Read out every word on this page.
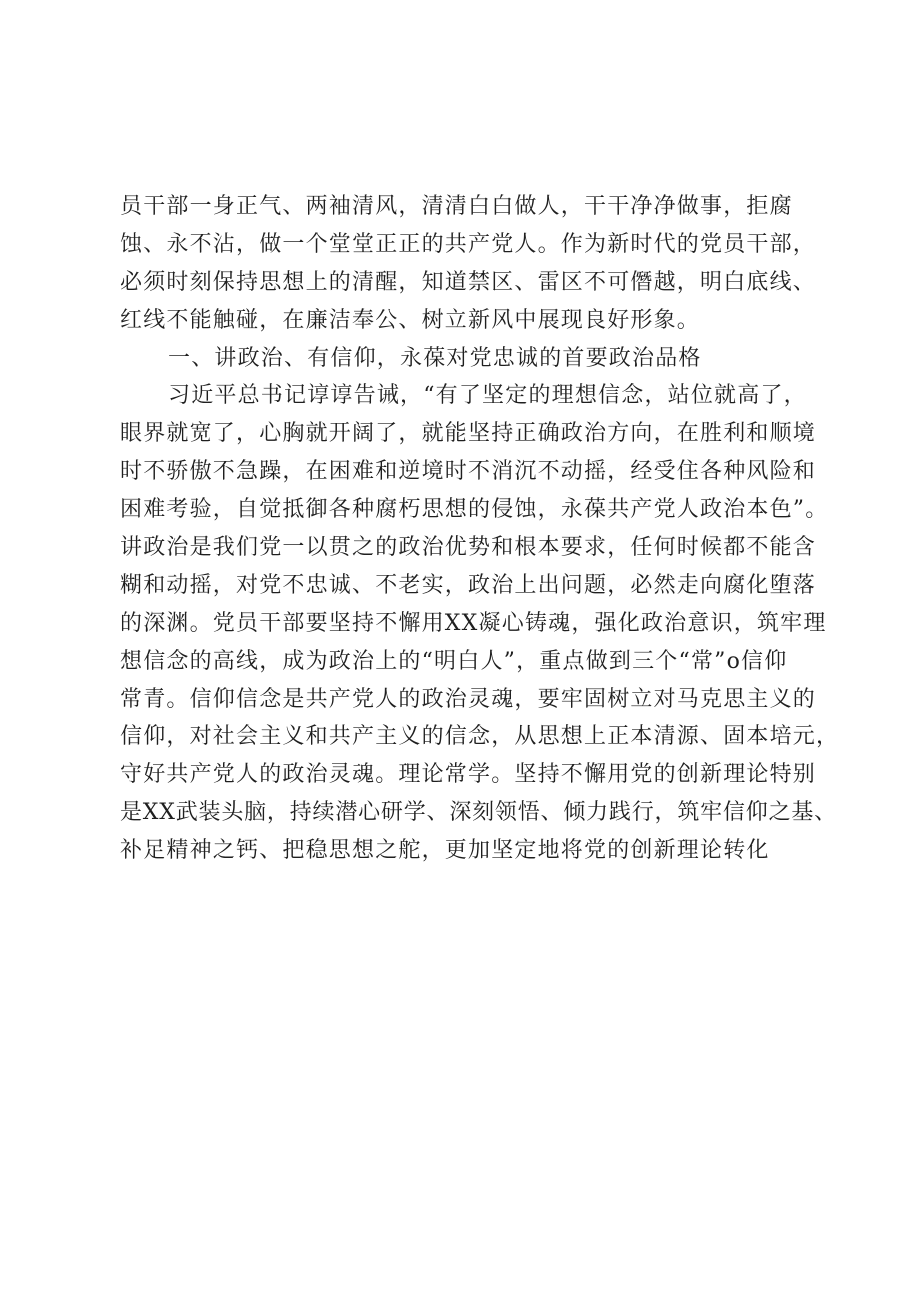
员干部一身正气、两袖清风，清清白白做人，干干净净做事，拒腐
蚀、永不沾，做一个堂堂正正的共产党人。作为新时代的党员干部，
必须时刻保持思想上的清醒，知道禁区、雷区不可僭越，明白底线、
红线不能触碰，在廉洁奉公、树立新风中展现良好形象。
一、讲政治、有信仰，永葆对党忠诚的首要政治品格
习近平总书记谆谆告诫，“有了坚定的理想信念，站位就高了，
眼界就宽了，心胸就开阔了，就能坚持正确政治方向，在胜利和顺境
时不骄傲不急躁，在困难和逆境时不消沉不动摇，经受住各种风险和
困难考验，自觉抵御各种腐朽思想的侵蚀，永葆共产党人政治本色”。
讲政治是我们党一以贯之的政治优势和根本要求，任何时候都不能含
糊和动摇，对党不忠诚、不老实，政治上出问题，必然走向腐化堕落
的深渊。党员干部要坚持不懈用XX凝心铸魂，强化政治意识，筑牢理
想信念的高线，成为政治上的“明白人”，重点做到三个“常”o信仰
常青。信仰信念是共产党人的政治灵魂，要牢固树立对马克思主义的
信仰，对社会主义和共产主义的信念，从思想上正本清源、固本培元，
守好共产党人的政治灵魂。理论常学。坚持不懈用党的创新理论特别
是XX武装头脑，持续潜心研学、深刻领悟、倾力践行，筑牢信仰之基、
补足精神之钙、把稳思想之舵，更加坚定地将党的创新理论转化
